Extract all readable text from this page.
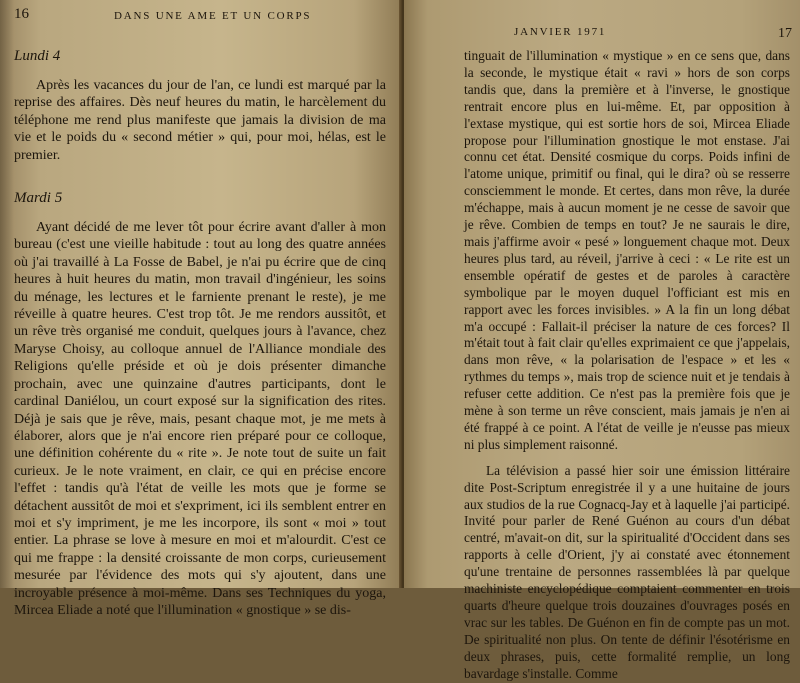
16	DANS UNE AME ET UN CORPS
Lundi 4

Après les vacances du jour de l'an, ce lundi est marqué par la reprise des affaires. Dès neuf heures du matin, le harcèlement du téléphone me rend plus manifeste que jamais la division de ma vie et le poids du « second métier » qui, pour moi, hélas, est le premier.

Mardi 5

Ayant décidé de me lever tôt pour écrire avant d'aller à mon bureau (c'est une vieille habitude : tout au long des quatre années où j'ai travaillé à La Fosse de Babel, je n'ai pu écrire que de cinq heures à huit heures du matin, mon travail d'ingénieur, les soins du ménage, les lectures et le farniente prenant le reste), je me réveille à quatre heures. C'est trop tôt. Je me rendors aussitôt, et un rêve très organisé me conduit, quelques jours à l'avance, chez Maryse Choisy, au colloque annuel de l'Alliance mondiale des Religions qu'elle préside et où je dois présenter dimanche prochain, avec une quinzaine d'autres participants, dont le cardinal Daniélou, un court exposé sur la signification des rites. Déjà je sais que je rêve, mais, pesant chaque mot, je me mets à élaborer, alors que je n'ai encore rien préparé pour ce colloque, une définition cohérente du « rite ». Je note tout de suite un fait curieux. Je le note vraiment, en clair, ce qui en précise encore l'effet : tandis qu'à l'état de veille les mots que je forme se détachent aussitôt de moi et s'expriment, ici ils semblent entrer en moi et s'y impriment, je me les incorpore, ils sont « moi » tout entier. La phrase se love à mesure en moi et m'alourdit. C'est ce qui me frappe : la densité croissante de mon corps, curieusement mesurée par l'évidence des mots qui s'y ajoutent, dans une incroyable présence à moi-même. Dans ses Techniques du yoga, Mircea Eliade a noté que l'illumination « gnostique » se dis-

JANVIER 1971	17

tinguait de l'illumination « mystique » en ce sens que, dans la seconde, le mystique était « ravi » hors de son corps tandis que, dans la première et à l'inverse, le gnostique rentrait encore plus en lui-même. Et, par opposition à l'extase mystique, qui est sortie hors de soi, Mircea Eliade propose pour l'illumination gnostique le mot enstase. J'ai connu cet état. Densité cosmique du corps. Poids infini de l'atome unique, primitif ou final, qui le dira? où se resserre consciemment le monde. Et certes, dans mon rêve, la durée m'échappe, mais à aucun moment je ne cesse de savoir que je rêve. Combien de temps en tout? Je ne saurais le dire, mais j'affirme avoir « pesé » longuement chaque mot. Deux heures plus tard, au réveil, j'arrive à ceci : « Le rite est un ensemble opératif de gestes et de paroles à caractère symbolique par le moyen duquel l'officiant est mis en rapport avec les forces invisibles. » A la fin un long débat m'a occupé : Fallait-il préciser la nature de ces forces? Il m'était tout à fait clair qu'elles exprimaient ce que j'appelais, dans mon rêve, « la polarisation de l'espace » et les « rythmes du temps », mais trop de science nuit et je tendais à refuser cette addition. Ce n'est pas la première fois que je mène à son terme un rêve conscient, mais jamais je n'en ai été frappé à ce point. A l'état de veille je n'eusse pas mieux ni plus simplement raisonné.

La télévision a passé hier soir une émission littéraire dite Post-Scriptum enregistrée il y a une huitaine de jours aux studios de la rue Cognacq-Jay et à laquelle j'ai participé. Invité pour parler de René Guénon au cours d'un débat centré, m'avait-on dit, sur la spiritualité d'Occident dans ses rapports à celle d'Orient, j'y ai constaté avec étonnement qu'une trentaine de personnes rassemblées là par quelque machiniste encyclopédique comptaient commenter en trois quarts d'heure quelque trois douzaines d'ouvrages posés en vrac sur les tables. De Guénon en fin de compte pas un mot. De spiritualité non plus. On tente de définir l'ésotérisme en deux phrases, puis, cette formalité remplie, un long bavardage s'installe. Comme
